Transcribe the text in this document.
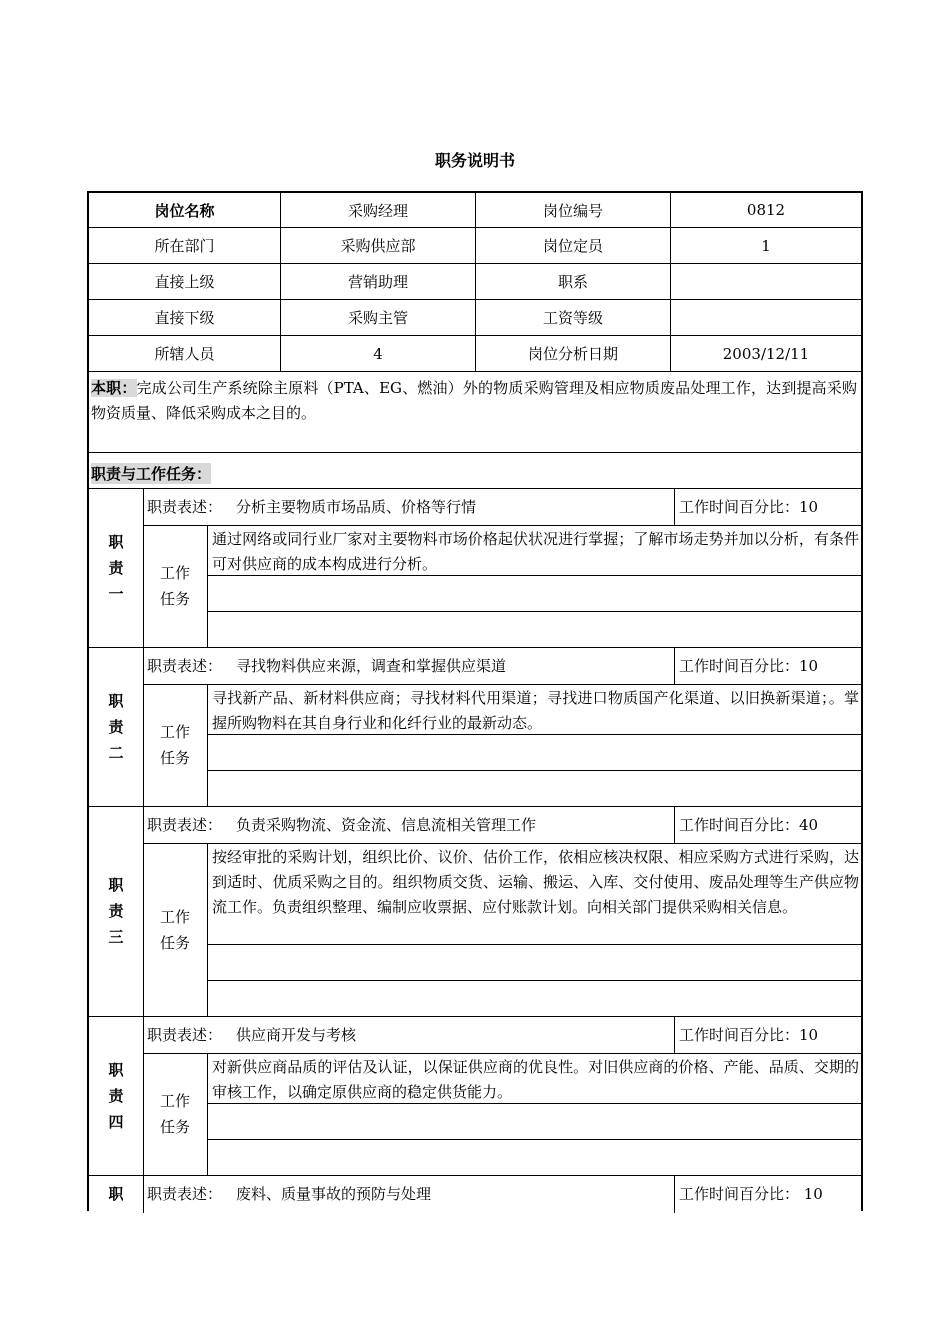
职务说明书
岗位名称	采购经理	岗位编号	0812
所在部门	采购供应部	岗位定员	1
直接上级	营销助理	职系
直接下级	采购主管	工资等级
所辖人员	4	岗位分析日期	2003/12/11
本职：完成公司生产系统除主原料（PTA、EG、燃油）外的物质采购管理及相应物质废品处理工作，达到提高采购物资质量、降低采购成本之目的。
职责与工作任务：
职
责
一
职责表述： 分析主要物质市场品质、价格等行情	工作时间百分比：10
工作
任务
通过网络或同行业厂家对主要物料市场价格起伏状况进行掌握；了解市场走势并加以分析，有条件可对供应商的成本构成进行分析。
职
责
二
职责表述： 寻找物料供应来源，调查和掌握供应渠道	工作时间百分比：10
工作
任务
寻找新产品、新材料供应商；寻找材料代用渠道；寻找进口物质国产化渠道、以旧换新渠道；。掌握所购物料在其自身行业和化纤行业的最新动态。
职
责
三
职责表述： 负责采购物流、资金流、信息流相关管理工作	工作时间百分比：40
工作
任务
按经审批的采购计划，组织比价、议价、估价工作，依相应核决权限、相应采购方式进行采购，达到适时、优质采购之目的。组织物质交货、运输、搬运、入库、交付使用、废品处理等生产供应物流工作。负责组织整理、编制应收票据、应付账款计划。向相关部门提供采购相关信息。
职
责
四
职责表述： 供应商开发与考核	工作时间百分比：10
工作
任务
对新供应商品质的评估及认证，以保证供应商的优良性。对旧供应商的价格、产能、品质、交期的审核工作，以确定原供应商的稳定供货能力。
职 职责表述： 废料、质量事故的预防与处理	工作时间百分比： 10
